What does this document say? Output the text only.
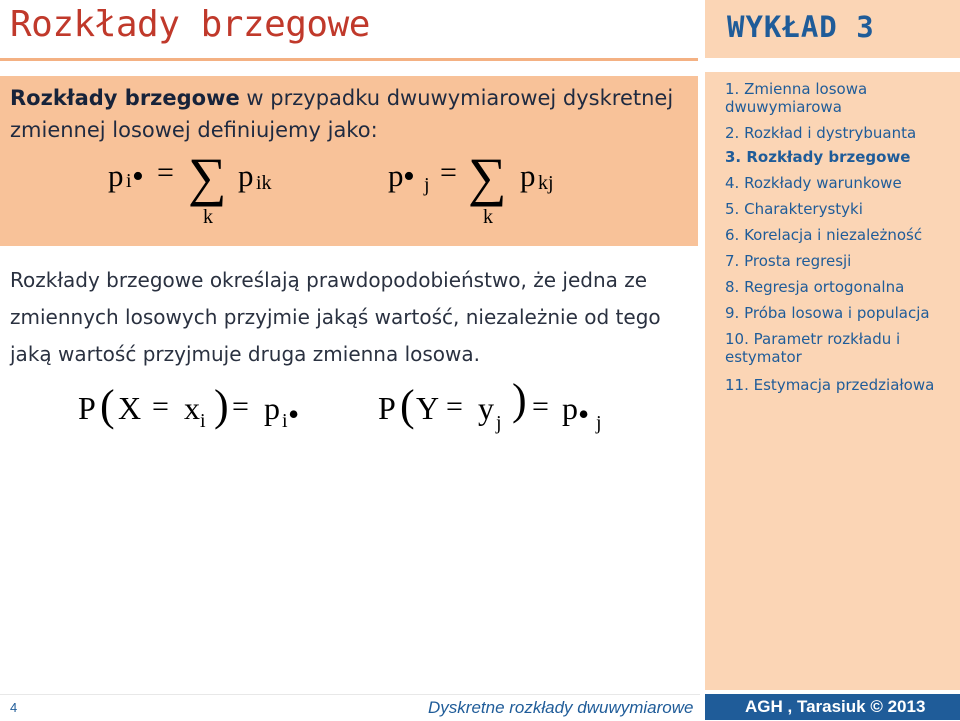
Rozkłady brzegowe	WYKŁAD 3
1. Zmienna losowa dwuwymiarowa
2. Rozkład i dystrybuanta
3. Rozkłady brzegowe
4. Rozkłady warunkowe
5. Charakterystyki
6. Korelacja i niezależność
7. Prosta regresji
8. Regresja ortogonalna
9. Próba losowa i populacja
10. Parametr rozkładu i estymator
11. Estymacja przedziałowa
Rozkłady brzegowe w przypadku dwuwymiarowej dyskretnej zmiennej losowej definiujemy jako:
p i • = ∑
k
p ik	p • j = ∑
k
p kj
Rozkłady brzegowe określają prawdopodobieństwo, że jedna ze zmiennych losowych przyjmie jakąś wartość, niezależnie od tego jaką wartość przyjmuje druga zmienna losowa.
P ( X = x i ) = p i • P ( Y = y j ) = p • j
4	Dyskretne rozkłady dwuwymiarowe	AGH , Tarasiuk © 2013
